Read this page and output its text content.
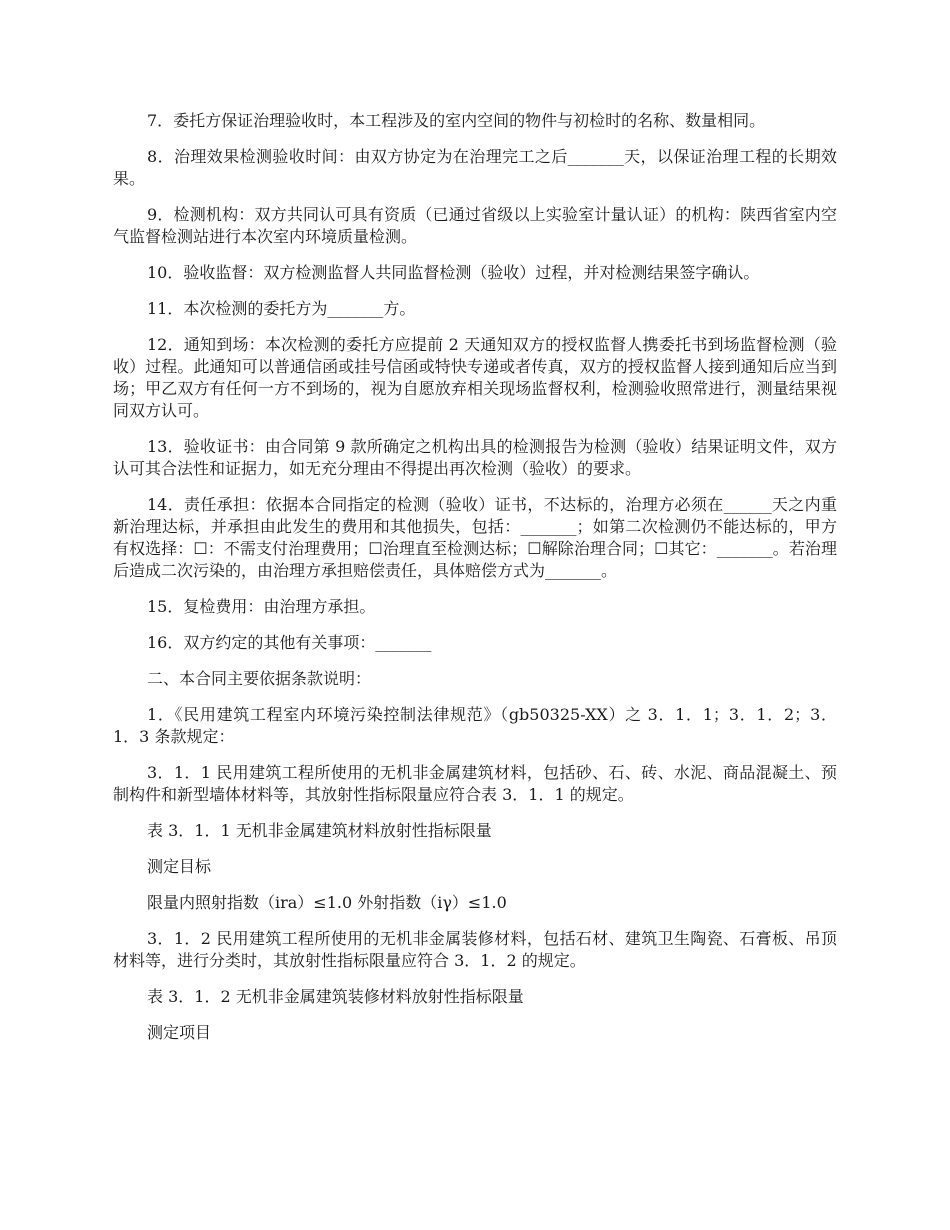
7．委托方保证治理验收时，本工程涉及的室内空间的物件与初检时的名称、数量相同。

8．治理效果检测验收时间：由双方协定为在治理完工之后_______天，以保证治理工程的长期效果。

9．检测机构：双方共同认可具有资质（已通过省级以上实验室计量认证）的机构：陕西省室内空气监督检测站进行本次室内环境质量检测。

10．验收监督：双方检测监督人共同监督检测（验收）过程，并对检测结果签字确认。

11．本次检测的委托方为_______方。

12．通知到场：本次检测的委托方应提前 2 天通知双方的授权监督人携委托书到场监督检测（验收）过程。此通知可以普通信函或挂号信函或特快专递或者传真，双方的授权监督人接到通知后应当到场；甲乙双方有任何一方不到场的，视为自愿放弃相关现场监督权利，检测验收照常进行，测量结果视同双方认可。

13．验收证书：由合同第 9 款所确定之机构出具的检测报告为检测（验收）结果证明文件，双方认可其合法性和证据力，如无充分理由不得提出再次检测（验收）的要求。

14．责任承担：依据本合同指定的检测（验收）证书，不达标的，治理方必须在______天之内重新治理达标，并承担由此发生的费用和其他损失，包括：_______；如第二次检测仍不能达标的，甲方有权选择：☐：不需支付治理费用；☐治理直至检测达标；☐解除治理合同；☐其它：_______。若治理后造成二次污染的，由治理方承担赔偿责任，具体赔偿方式为_______。

15．复检费用：由治理方承担。

16．双方约定的其他有关事项：_______

二、本合同主要依据条款说明：

1．《民用建筑工程室内环境污染控制法律规范》（gb50325-XX）之 3．1．1；3．1．2；3．1．3 条款规定：

3．1．1 民用建筑工程所使用的无机非金属建筑材料，包括砂、石、砖、水泥、商品混凝土、预制构件和新型墙体材料等，其放射性指标限量应符合表 3．1．1 的规定。

表 3．1．1 无机非金属建筑材料放射性指标限量

测定目标

限量内照射指数（ira）≤1.0 外射指数（iγ）≤1.0

3．1．2 民用建筑工程所使用的无机非金属装修材料，包括石材、建筑卫生陶瓷、石膏板、吊顶材料等，进行分类时，其放射性指标限量应符合 3．1．2 的规定。

表 3．1．2 无机非金属建筑装修材料放射性指标限量

测定项目
